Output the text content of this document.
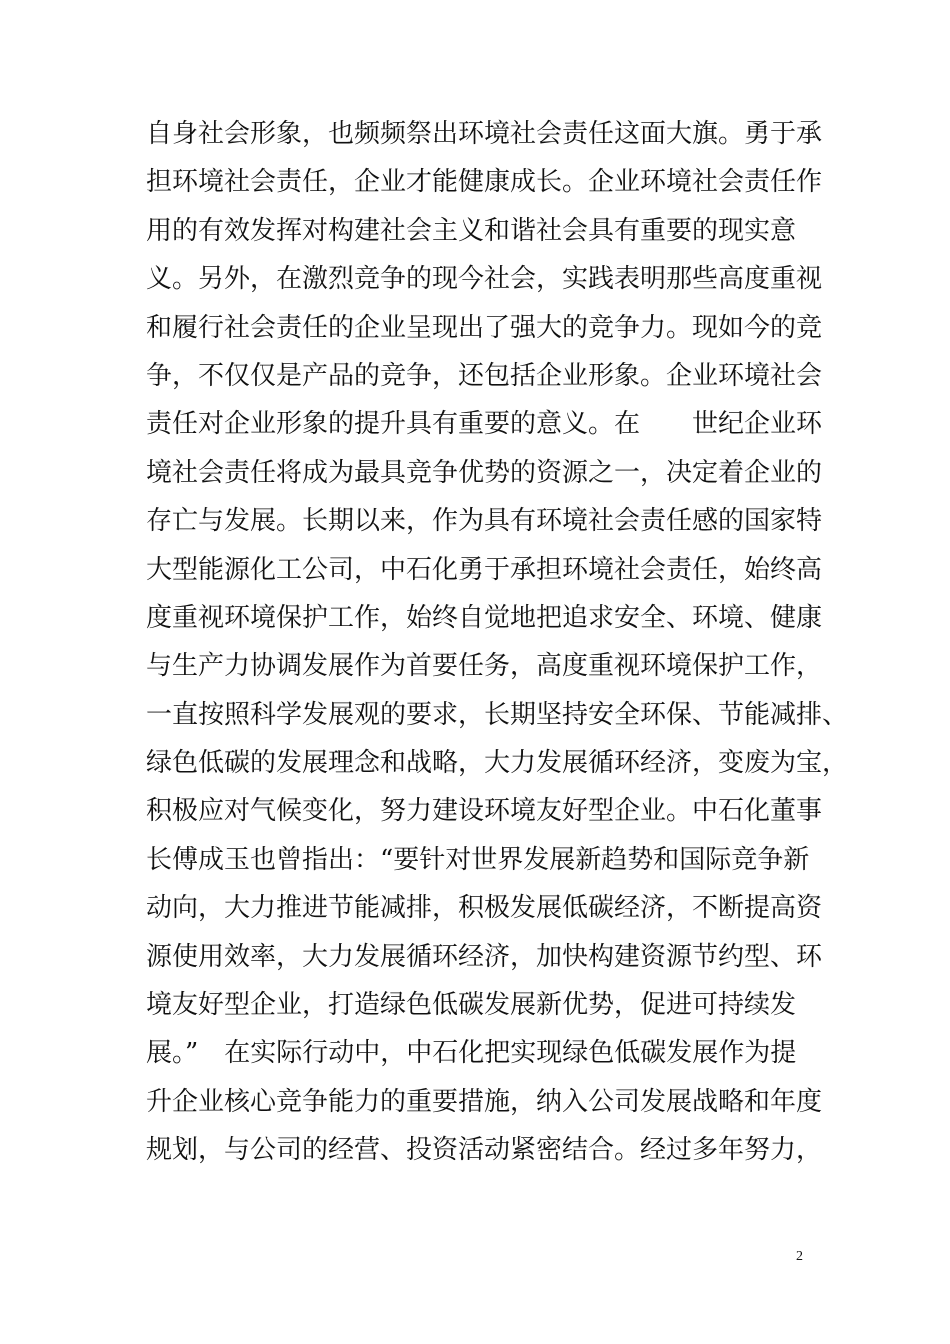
自身社会形象，也频频祭出环境社会责任这面大旗。勇于承
担环境社会责任，企业才能健康成长。企业环境社会责任作
用的有效发挥对构建社会主义和谐社会具有重要的现实意
义。另外，在激烈竞争的现今社会，实践表明那些高度重视
和履行社会责任的企业呈现出了强大的竞争力。现如今的竞
争，不仅仅是产品的竞争，还包括企业形象。企业环境社会
责任对企业形象的提升具有重要的意义。在　　世纪企业环
境社会责任将成为最具竞争优势的资源之一，决定着企业的
存亡与发展。长期以来，作为具有环境社会责任感的国家特
大型能源化工公司，中石化勇于承担环境社会责任，始终高
度重视环境保护工作，始终自觉地把追求安全、环境、健康
与生产力协调发展作为首要任务，高度重视环境保护工作，
一直按照科学发展观的要求，长期坚持安全环保、节能减排、
绿色低碳的发展理念和战略，大力发展循环经济，变废为宝，
积极应对气候变化，努力建设环境友好型企业。中石化董事
长傅成玉也曾指出：“要针对世界发展新趋势和国际竞争新
动向，大力推进节能减排，积极发展低碳经济，不断提高资
源使用效率，大力发展循环经济，加快构建资源节约型、环
境友好型企业，打造绿色低碳发展新优势，促进可持续发
展。”　在实际行动中，中石化把实现绿色低碳发展作为提
升企业核心竞争能力的重要措施，纳入公司发展战略和年度
规划，与公司的经营、投资活动紧密结合。经过多年努力，
2
